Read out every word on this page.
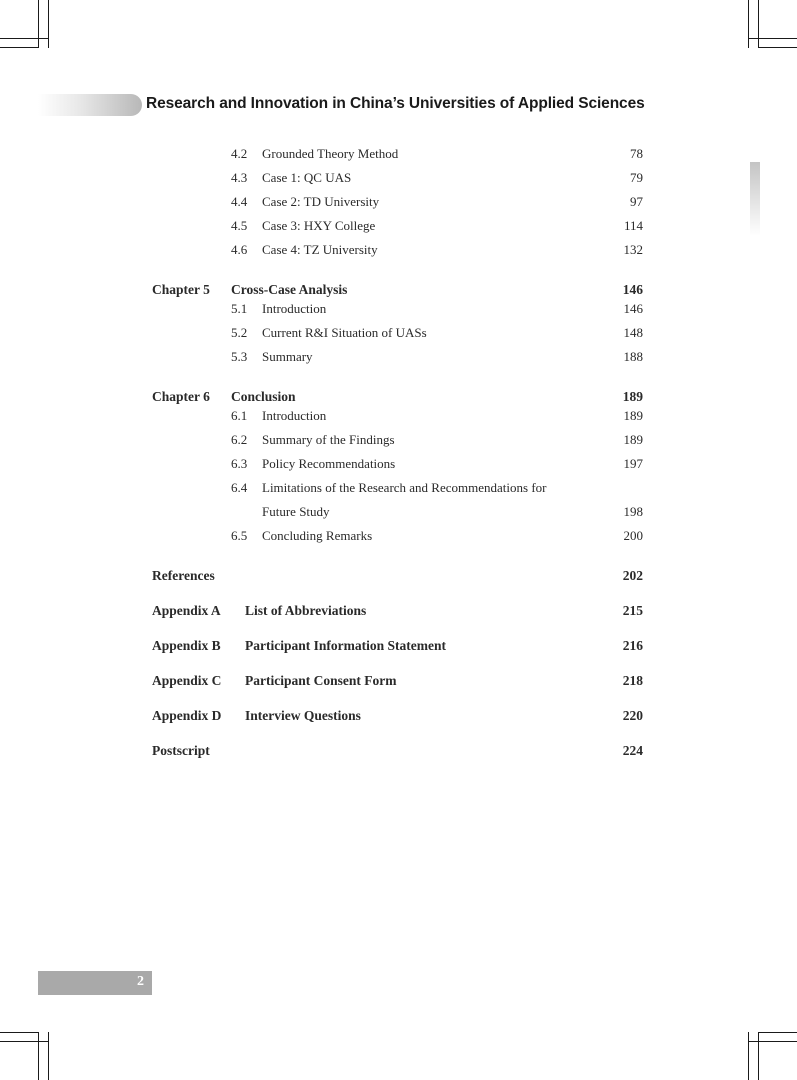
Research and Innovation in China’s Universities of Applied Sciences
4.2 Grounded Theory Method	78
4.3 Case 1: QC UAS	79
4.4 Case 2: TD University	97
4.5 Case 3: HXY College	114
4.6 Case 4: TZ University	132
Chapter 5 Cross-Case Analysis	146
5.1 Introduction	146
5.2 Current R&I Situation of UASs	148
5.3 Summary	188
Chapter 6 Conclusion	189
6.1 Introduction	189
6.2 Summary of the Findings	189
6.3 Policy Recommendations	197
6.4 Limitations of the Research and Recommendations for
Future Study	198
6.5 Concluding Remarks	200
References	202
Appendix A List of Abbreviations	215
Appendix B Participant Information Statement	216
Appendix C Participant Consent Form	218
Appendix D Interview Questions	220
Postscript	224
2
